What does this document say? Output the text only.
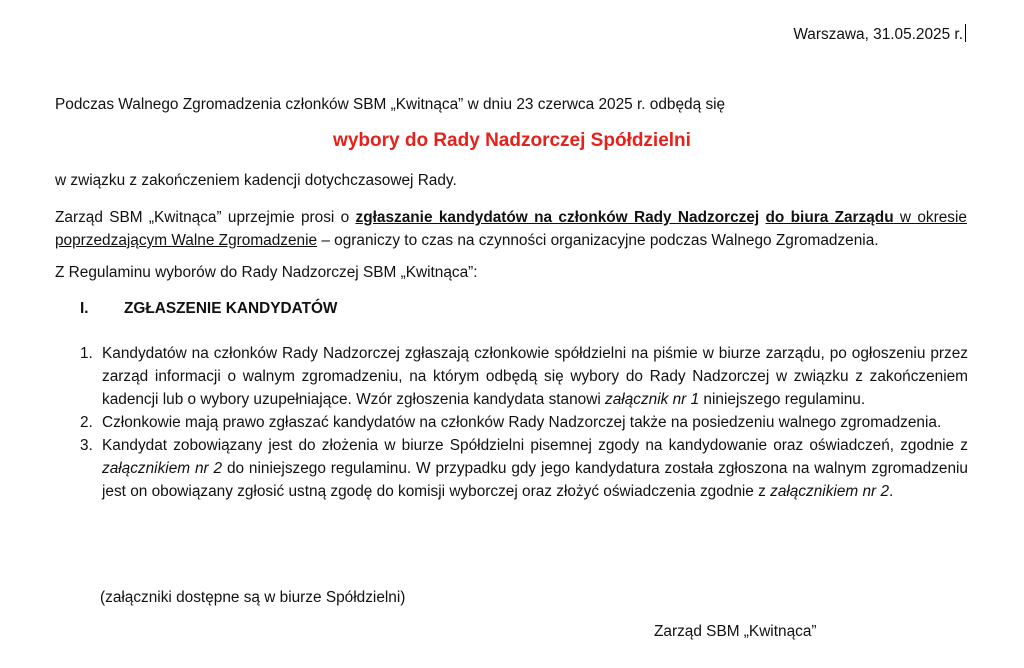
Warszawa, 31.05.2025 r.
Podczas Walnego Zgromadzenia członków SBM „Kwitnąca” w dniu 23 czerwca 2025 r. odbędą się
wybory do Rady Nadzorczej Spółdzielni
w związku z zakończeniem kadencji dotychczasowej Rady.
Zarząd SBM „Kwitnąca” uprzejmie prosi o zgłaszanie kandydatów na członków Rady Nadzorczej do biura Zarządu w okresie poprzedzającym Walne Zgromadzenie – ograniczy to czas na czynności organizacyjne podczas Walnego Zgromadzenia.
Z Regulaminu wyborów do Rady Nadzorczej SBM „Kwitnąca”:
I. ZGŁASZENIE KANDYDATÓW
1. Kandydatów na członków Rady Nadzorczej zgłaszają członkowie spółdzielni na piśmie w biurze zarządu, po ogłoszeniu przez zarząd informacji o walnym zgromadzeniu, na którym odbędą się wybory do Rady Nadzorczej w związku z zakończeniem kadencji lub o wybory uzupełniające. Wzór zgłoszenia kandydata stanowi załącznik nr 1 niniejszego regulaminu.
2. Członkowie mają prawo zgłaszać kandydatów na członków Rady Nadzorczej także na posiedzeniu walnego zgromadzenia.
3. Kandydat zobowiązany jest do złożenia w biurze Spółdzielni pisemnej zgody na kandydowanie oraz oświadczeń, zgodnie z załącznikiem nr 2 do niniejszego regulaminu. W przypadku gdy jego kandydatura została zgłoszona na walnym zgromadzeniu jest on obowiązany zgłosić ustną zgodę do komisji wyborczej oraz złożyć oświadczenia zgodnie z załącznikiem nr 2.
(załączniki dostępne są w biurze Spółdzielni)
Zarząd SBM „Kwitnąca”
